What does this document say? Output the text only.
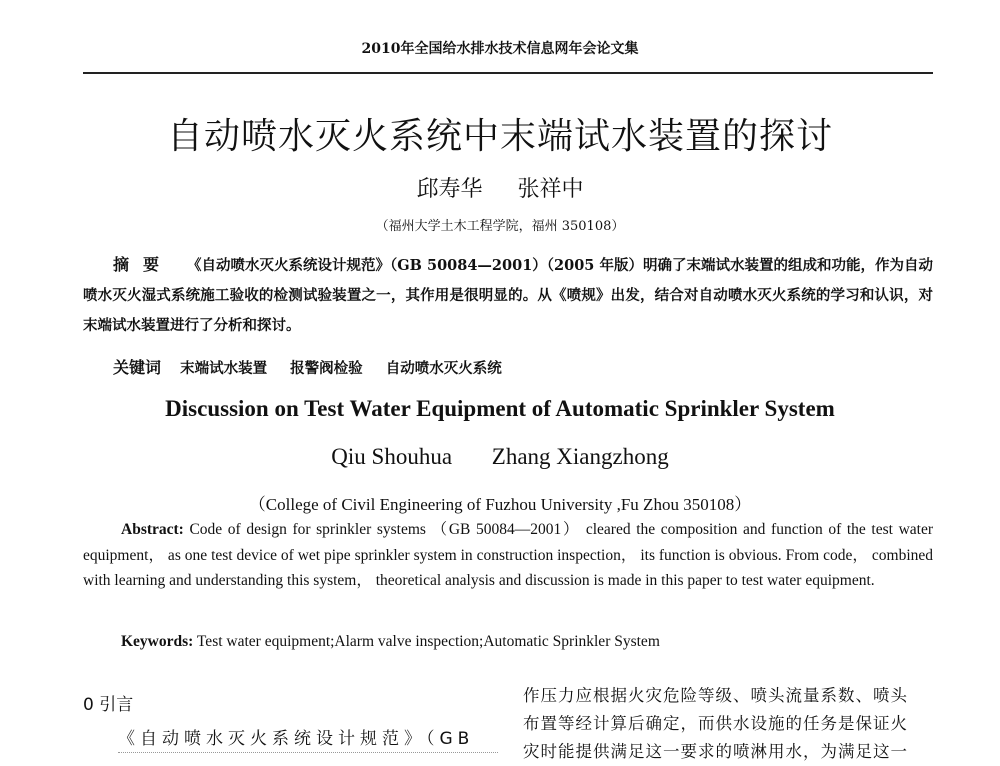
2010年全国给水排水技术信息网年会论文集
自动喷水灭火系统中末端试水装置的探讨
邱寿华 张祥中
（福州大学土木工程学院，福州 350108）
摘要 《自动喷水灭火系统设计规范》（GB 50084—2001）（2005 年版）明确了末端试水装置的组成和功能，作为自动喷水灭火湿式系统施工验收的检测试验装置之一，其作用是很明显的。从《喷规》出发，结合对自动喷水灭火系统的学习和认识，对末端试水装置进行了分析和探讨。
关键词 末端试水装置 报警阀检验 自动喷水灭火系统
Discussion on Test Water Equipment of Automatic Sprinkler System
Qiu Shouhua Zhang Xiangzhong
（College of Civil Engineering of Fuzhou University ,Fu Zhou 350108）
Abstract: Code of design for sprinkler systems （GB 50084—2001） cleared the composition and function of the test water equipment， as one test device of wet pipe sprinkler system in construction inspection， its function is obvious. From code， combined with learning and understanding this system， theoretical analysis and discussion is made in this paper to test water equipment.
Keywords: Test water equipment;Alarm valve inspection;Automatic Sprinkler System
0 引言
《自动喷水灭火系统设计规范》（GB
作压力应根据火灾危险等级、喷头流量系数、喷头
布置等经计算后确定，而供水设施的任务是保证火
灾时能提供满足这一要求的喷淋用水，为满足这一
